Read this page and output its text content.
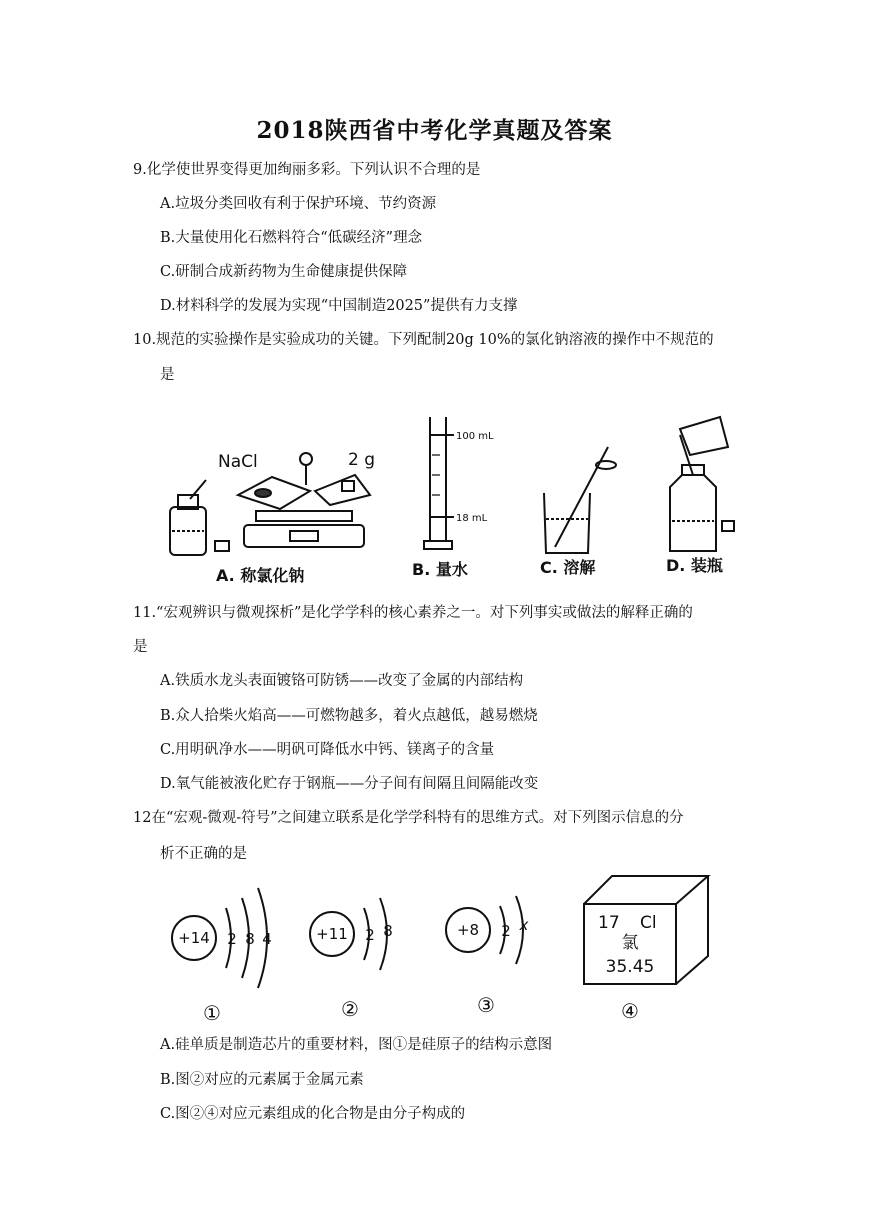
2018陕西省中考化学真题及答案
9.化学使世界变得更加绚丽多彩。下列认识不合理的是
A.垃圾分类回收有利于保护环境、节约资源
B.大量使用化石燃料符合“低碳经济”理念
C.研制合成新药物为生命健康提供保障
D.材料科学的发展为实现“中国制造2025”提供有力支撑
10.规范的实验操作是实验成功的关键。下列配制20g 10%的氯化钠溶液的操作中不规范的
是
NaCl	2 g
100 mL
18 mL
A. 称氯化钠	B. 量水	C. 溶解	D. 装瓶
11.“宏观辨识与微观探析”是化学学科的核心素养之一。对下列事实或做法的解释正确的
是
A.铁质水龙头表面镀铬可防锈——改变了金属的内部结构
B.众人拾柴火焰高——可燃物越多，着火点越低，越易燃烧
C.用明矾净水——明矾可降低水中钙、镁离子的含量
D.氧气能被液化贮存于钢瓶——分子间有间隔且间隔能改变
12在“宏观-微观-符号”之间建立联系是化学学科特有的思维方式。对下列图示信息的分
析不正确的是
+14 2 8 4
①
+11 2 8
②
+8 2 x
③
17 Cl
氯
35.45
④
A.硅单质是制造芯片的重要材料，图①是硅原子的结构示意图
B.图②对应的元素属于金属元素
C.图②④对应元素组成的化合物是由分子构成的
